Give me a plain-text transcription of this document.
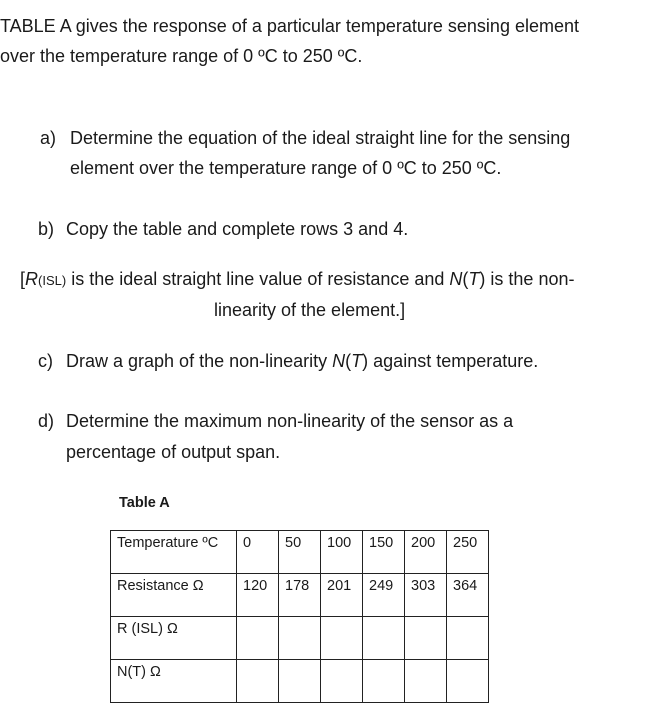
TABLE A gives the response of a particular temperature sensing element
over the temperature range of 0 ºC to 250 ºC.
a) Determine the equation of the ideal straight line for the sensing
element over the temperature range of 0 ºC to 250 ºC.
b) Copy the table and complete rows 3 and 4.
[R(ISL) is the ideal straight line value of resistance and N(T) is the non-
linearity of the element.]
c) Draw a graph of the non-linearity N(T) against temperature.
d) Determine the maximum non-linearity of the sensor as a
percentage of output span.
Table A
Temperature ºC	0	50	100	150	200	250
Resistance Ω	120	178	201	249	303	364
R (ISL) Ω						
N(T) Ω						
